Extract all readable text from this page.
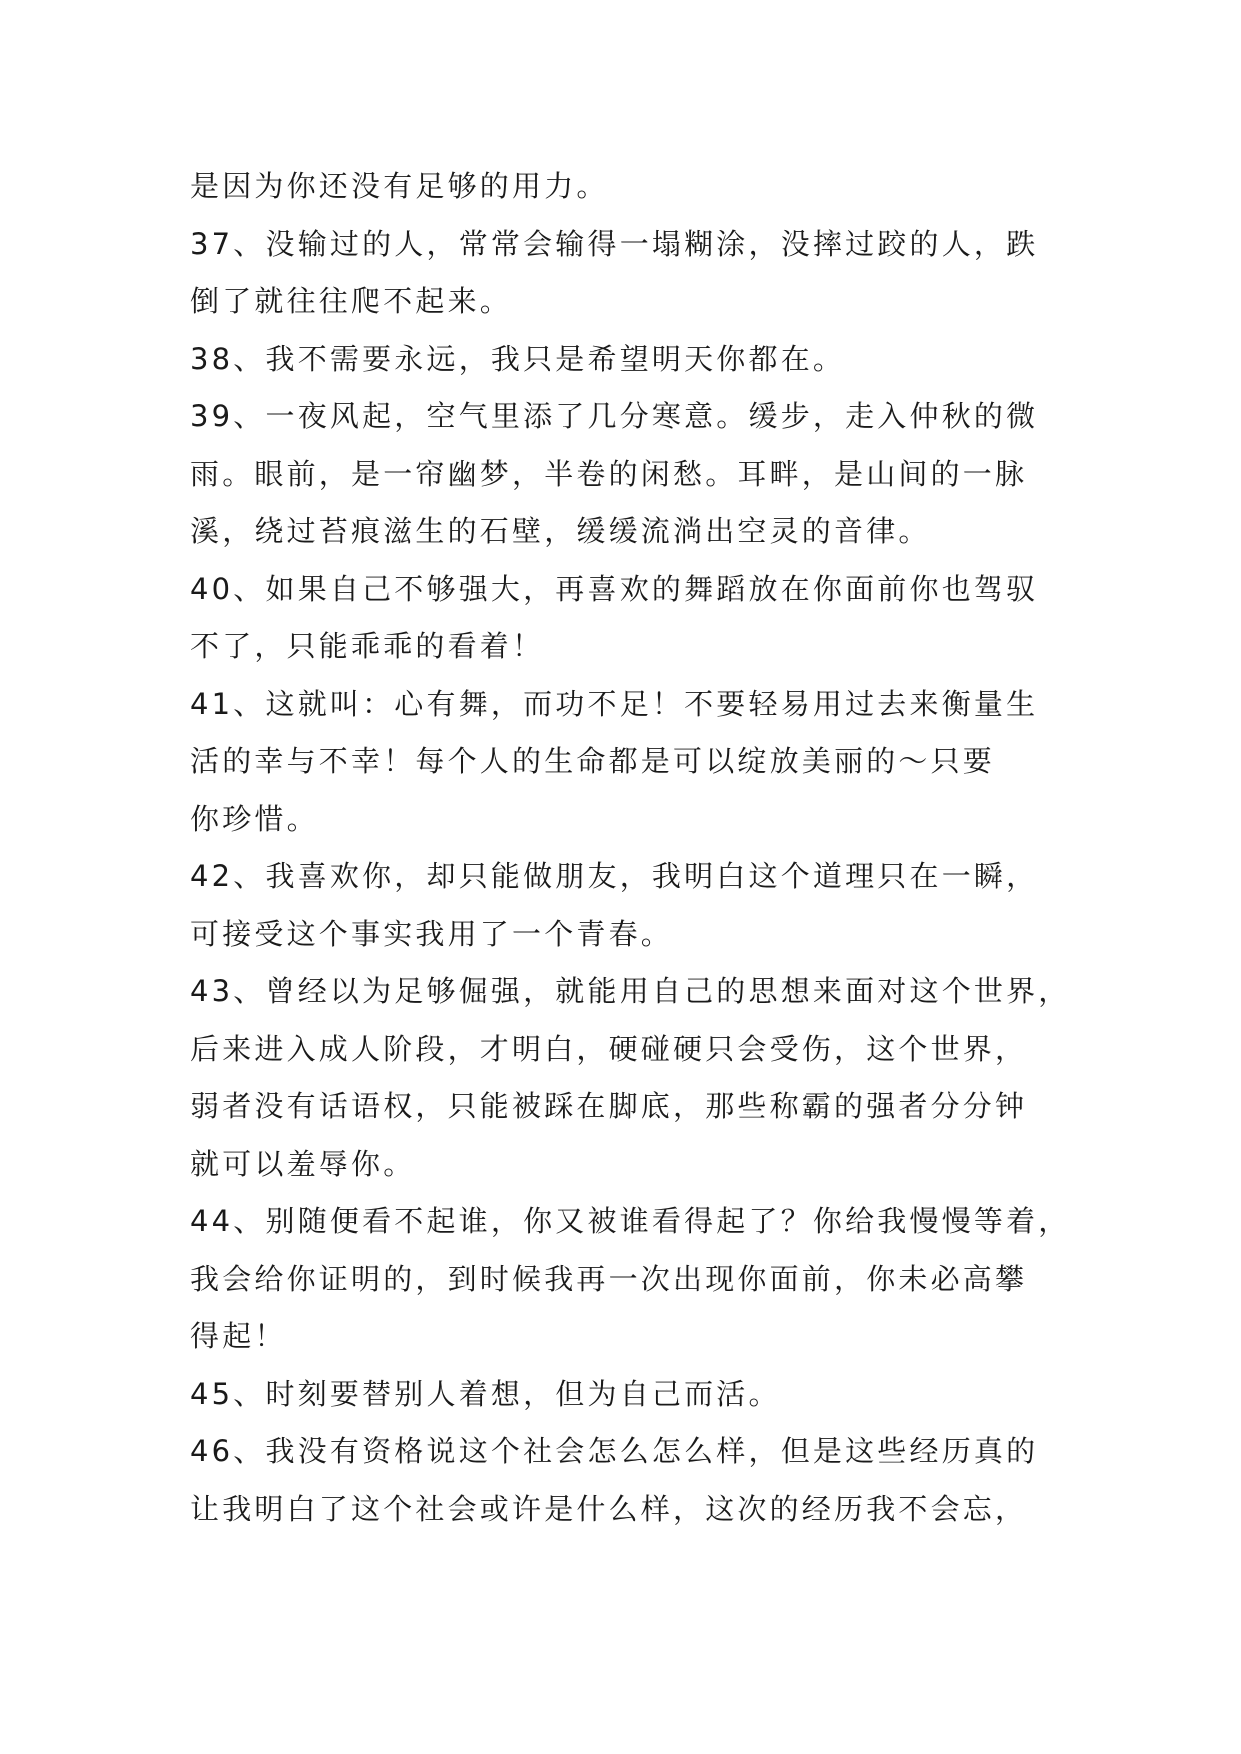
是因为你还没有足够的用力。
37、没输过的人，常常会输得一塌糊涂，没摔过跤的人，跌
倒了就往往爬不起来。
38、我不需要永远，我只是希望明天你都在。
39、一夜风起，空气里添了几分寒意。缓步，走入仲秋的微
雨。眼前，是一帘幽梦，半卷的闲愁。耳畔，是山间的一脉
溪，绕过苔痕滋生的石壁，缓缓流淌出空灵的音律。
40、如果自己不够强大，再喜欢的舞蹈放在你面前你也驾驭
不了，只能乖乖的看着！
41、这就叫：心有舞，而功不足！不要轻易用过去来衡量生
活的幸与不幸！每个人的生命都是可以绽放美丽的～只要
你珍惜。
42、我喜欢你，却只能做朋友，我明白这个道理只在一瞬，
可接受这个事实我用了一个青春。
43、曾经以为足够倔强，就能用自己的思想来面对这个世界，
后来进入成人阶段，才明白，硬碰硬只会受伤，这个世界，
弱者没有话语权，只能被踩在脚底，那些称霸的强者分分钟
就可以羞辱你。
44、别随便看不起谁，你又被谁看得起了？你给我慢慢等着，
我会给你证明的，到时候我再一次出现你面前，你未必高攀
得起！
45、时刻要替别人着想，但为自己而活。
46、我没有资格说这个社会怎么怎么样，但是这些经历真的
让我明白了这个社会或许是什么样，这次的经历我不会忘，
